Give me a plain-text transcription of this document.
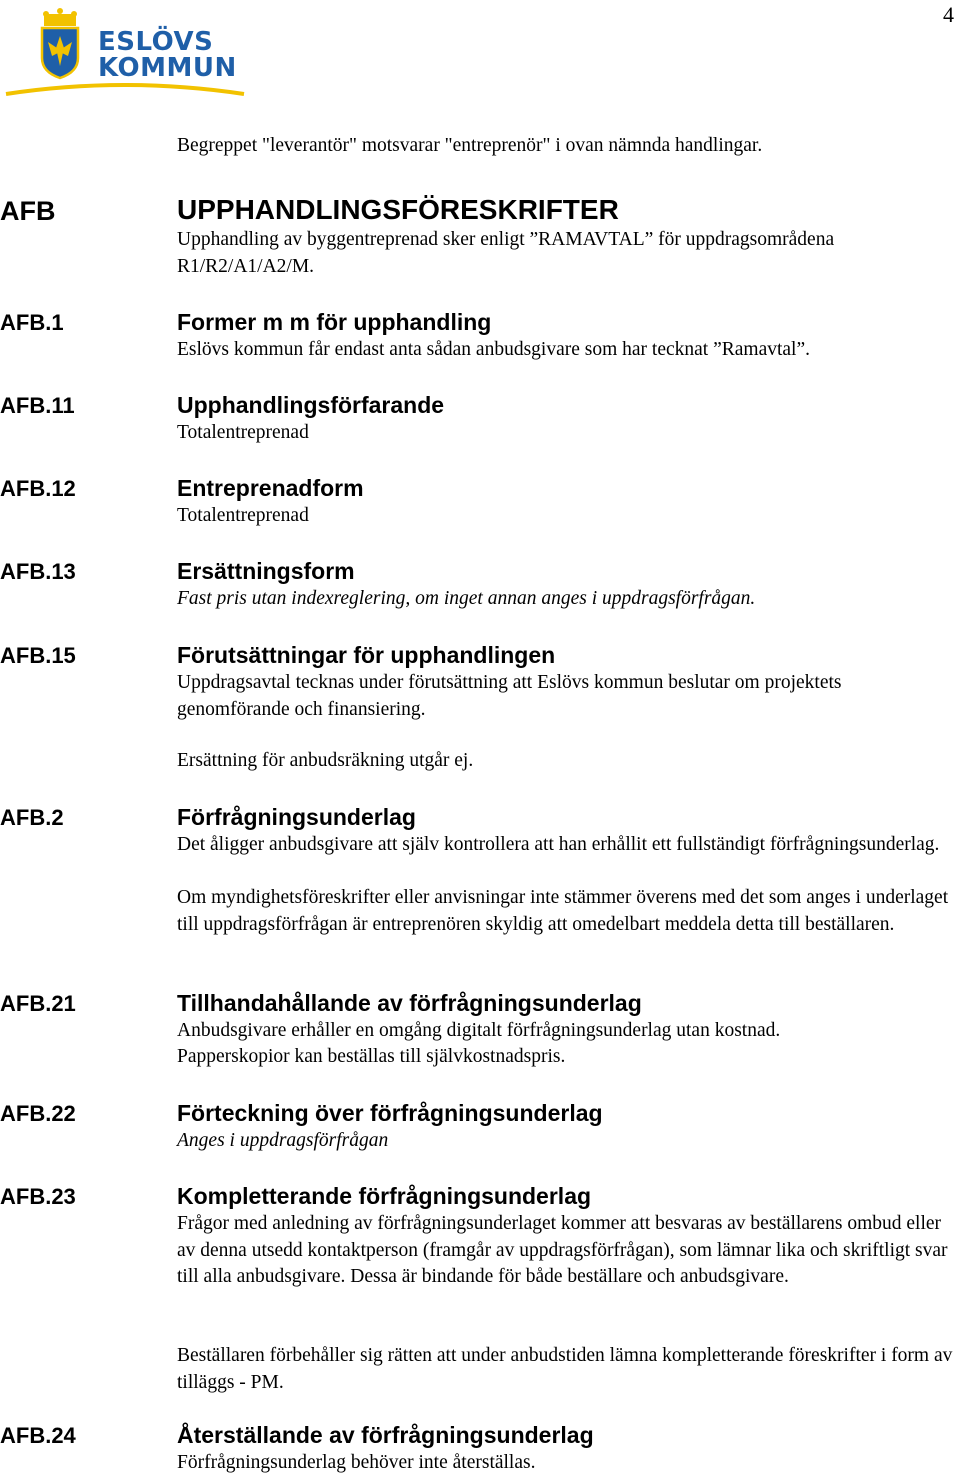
4
ESLÖVS
KOMMUN
Begreppet "leverantör" motsvarar "entreprenör" i ovan nämnda handlingar.
AFB	UPPHANDLINGSFÖRESKRIFTER
Upphandling av byggentreprenad sker enligt ”RAMAVTAL” för uppdragsområdena R1/R2/A1/A2/M.
AFB.1	Former m m för upphandling
Eslövs kommun får endast anta sådan anbudsgivare som har tecknat ”Ramavtal”.
AFB.11	Upphandlingsförfarande
Totalentreprenad
AFB.12	Entreprenadform
Totalentreprenad
AFB.13	Ersättningsform
Fast pris utan indexreglering, om inget annan anges i uppdragsförfrågan.
AFB.15	Förutsättningar för upphandlingen
Uppdragsavtal tecknas under förutsättning att Eslövs kommun beslutar om projektets genomförande och finansiering.
Ersättning för anbudsräkning utgår ej.
AFB.2	Förfrågningsunderlag
Det åligger anbudsgivare att själv kontrollera att han erhållit ett fullständigt förfrågningsunderlag.
Om myndighetsföreskrifter eller anvisningar inte stämmer överens med det som anges i underlaget till uppdragsförfrågan är entreprenören skyldig att omedelbart meddela detta till beställaren.
AFB.21	Tillhandahållande av förfrågningsunderlag
Anbudsgivare erhåller en omgång digitalt förfrågningsunderlag utan kostnad.
Papperskopior kan beställas till självkostnadspris.
AFB.22	Förteckning över förfrågningsunderlag
Anges i uppdragsförfrågan
AFB.23	Kompletterande förfrågningsunderlag
Frågor med anledning av förfrågningsunderlaget kommer att besvaras av beställarens ombud eller av denna utsedd kontaktperson (framgår av uppdragsförfrågan), som lämnar lika och skriftligt svar till alla anbudsgivare. Dessa är bindande för både beställare och anbudsgivare.
Beställaren förbehåller sig rätten att under anbudstiden lämna kompletterande föreskrifter i form av tilläggs - PM.
AFB.24	Återställande av förfrågningsunderlag
Förfrågningsunderlag behöver inte återställas.
